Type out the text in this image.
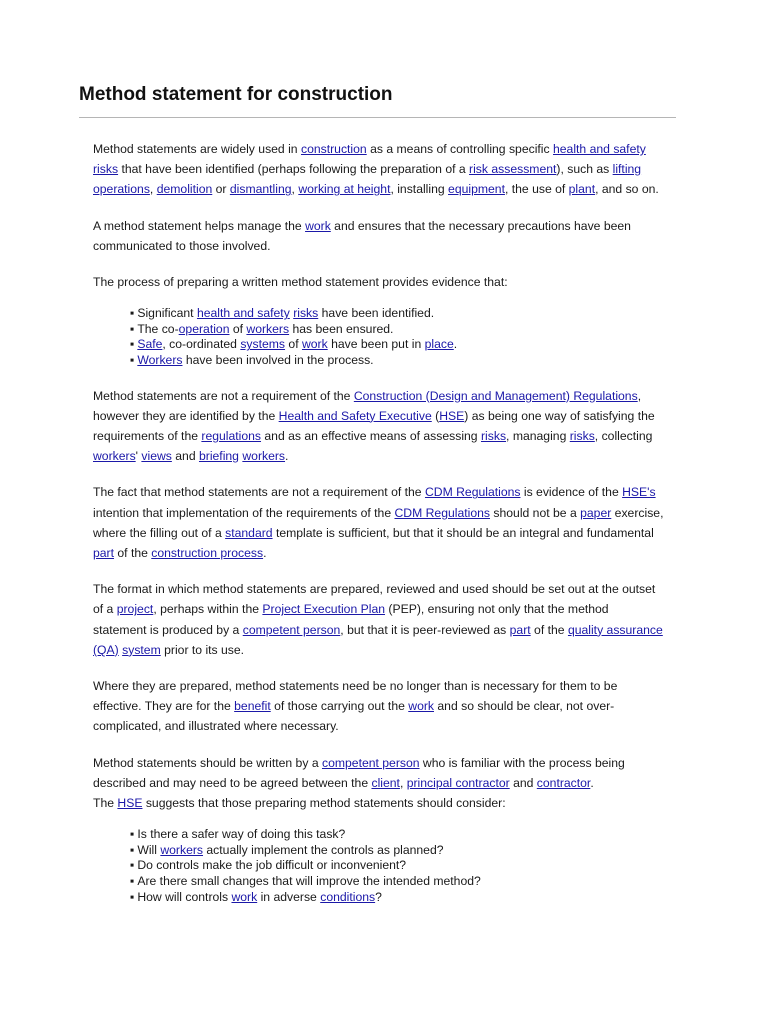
Method statement for construction

Method statements are widely used in construction as a means of controlling specific health and safety risks that have been identified (perhaps following the preparation of a risk assessment), such as lifting operations, demolition or dismantling, working at height, installing equipment, the use of plant, and so on.

A method statement helps manage the work and ensures that the necessary precautions have been communicated to those involved.

The process of preparing a written method statement provides evidence that:

▪ Significant health and safety risks have been identified.
▪ The co-operation of workers has been ensured.
▪ Safe, co-ordinated systems of work have been put in place.
▪ Workers have been involved in the process.

Method statements are not a requirement of the Construction (Design and Management) Regulations, however they are identified by the Health and Safety Executive (HSE) as being one way of satisfying the requirements of the regulations and as an effective means of assessing risks, managing risks, collecting workers' views and briefing workers.

The fact that method statements are not a requirement of the CDM Regulations is evidence of the HSE's intention that implementation of the requirements of the CDM Regulations should not be a paper exercise, where the filling out of a standard template is sufficient, but that it should be an integral and fundamental part of the construction process.

The format in which method statements are prepared, reviewed and used should be set out at the outset of a project, perhaps within the Project Execution Plan (PEP), ensuring not only that the method statement is produced by a competent person, but that it is peer-reviewed as part of the quality assurance (QA) system prior to its use.

Where they are prepared, method statements need be no longer than is necessary for them to be effective. They are for the benefit of those carrying out the work and so should be clear, not over-complicated, and illustrated where necessary.

Method statements should be written by a competent person who is familiar with the process being described and may need to be agreed between the client, principal contractor and contractor.
The HSE suggests that those preparing method statements should consider:

▪ Is there a safer way of doing this task?
▪ Will workers actually implement the controls as planned?
▪ Do controls make the job difficult or inconvenient?
▪ Are there small changes that will improve the intended method?
▪ How will controls work in adverse conditions?
